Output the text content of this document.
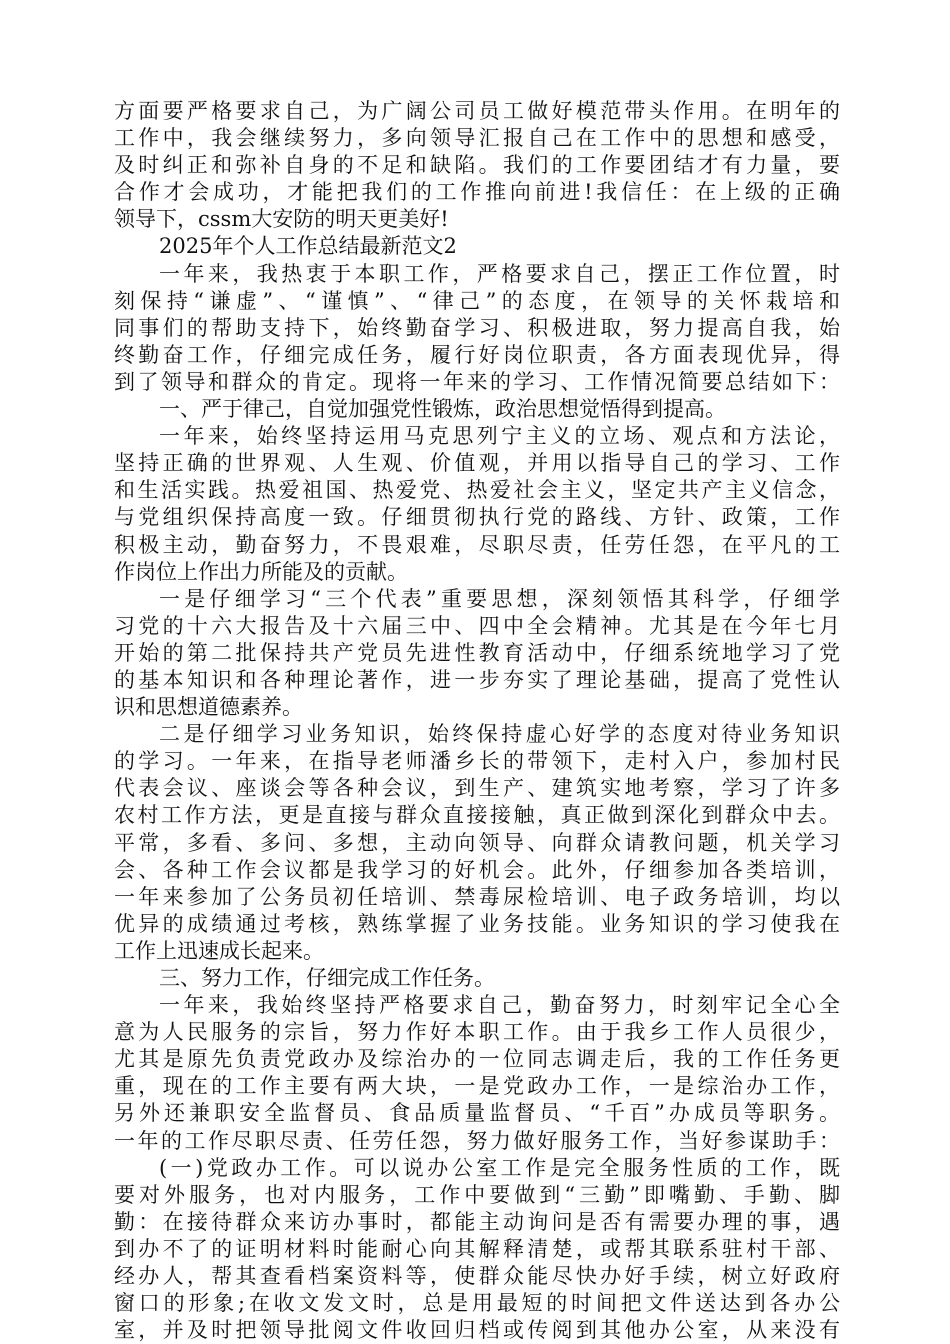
方面要严格要求自己，为广阔公司员工做好模范带头作用。在明年的
工作中，我会继续努力，多向领导汇报自己在工作中的思想和感受，
及时纠正和弥补自身的不足和缺陷。我们的工作要团结才有力量，要
合作才会成功，才能把我们的工作推向前进!我信任：在上级的正确
领导下，cssm大安防的明天更美好!
2025年个人工作总结最新范文2
一年来，我热衷于本职工作，严格要求自己，摆正工作位置，时
刻保持“谦虚”、“谨慎”、“律己”的态度，在领导的关怀栽培和
同事们的帮助支持下，始终勤奋学习、积极进取，努力提高自我，始
终勤奋工作，仔细完成任务，履行好岗位职责，各方面表现优异，得
到了领导和群众的肯定。现将一年来的学习、工作情况简要总结如下：
一、严于律己，自觉加强党性锻炼，政治思想觉悟得到提高。
一年来，始终坚持运用马克思列宁主义的立场、观点和方法论，
坚持正确的世界观、人生观、价值观，并用以指导自己的学习、工作
和生活实践。热爱祖国、热爱党、热爱社会主义，坚定共产主义信念，
与党组织保持高度一致。仔细贯彻执行党的路线、方针、政策，工作
积极主动，勤奋努力，不畏艰难，尽职尽责，任劳任怨，在平凡的工
作岗位上作出力所能及的贡献。
一是仔细学习“三个代表”重要思想，深刻领悟其科学，仔细学
习党的十六大报告及十六届三中、四中全会精神。尤其是在今年七月
开始的第二批保持共产党员先进性教育活动中，仔细系统地学习了党
的基本知识和各种理论著作，进一步夯实了理论基础，提高了党性认
识和思想道德素养。
二是仔细学习业务知识，始终保持虚心好学的态度对待业务知识
的学习。一年来，在指导老师潘乡长的带领下，走村入户，参加村民
代表会议、座谈会等各种会议，到生产、建筑实地考察，学习了许多
农村工作方法，更是直接与群众直接接触，真正做到深化到群众中去。
平常，多看、多问、多想，主动向领导、向群众请教问题，机关学习
会、各种工作会议都是我学习的好机会。此外，仔细参加各类培训，
一年来参加了公务员初任培训、禁毒尿检培训、电子政务培训，均以
优异的成绩通过考核，熟练掌握了业务技能。业务知识的学习使我在
工作上迅速成长起来。
三、努力工作，仔细完成工作任务。
一年来，我始终坚持严格要求自己，勤奋努力，时刻牢记全心全
意为人民服务的宗旨，努力作好本职工作。由于我乡工作人员很少，
尤其是原先负责党政办及综治办的一位同志调走后，我的工作任务更
重，现在的工作主要有两大块，一是党政办工作，一是综治办工作，
另外还兼职安全监督员、食品质量监督员、“千百”办成员等职务。
一年的工作尽职尽责、任劳任怨，努力做好服务工作，当好参谋助手：
(一)党政办工作。可以说办公室工作是完全服务性质的工作，既
要对外服务，也对内服务，工作中要做到“三勤”即嘴勤、手勤、脚
勤：在接待群众来访办事时，都能主动询问是否有需要办理的事，遇
到办不了的证明材料时能耐心向其解释清楚，或帮其联系驻村干部、
经办人，帮其查看档案资料等，使群众能尽快办好手续，树立好政府
窗口的形象;在收文发文时，总是用最短的时间把文件送达到各办公
室，并及时把领导批阅文件收回归档或传阅到其他办公室，从来没有
